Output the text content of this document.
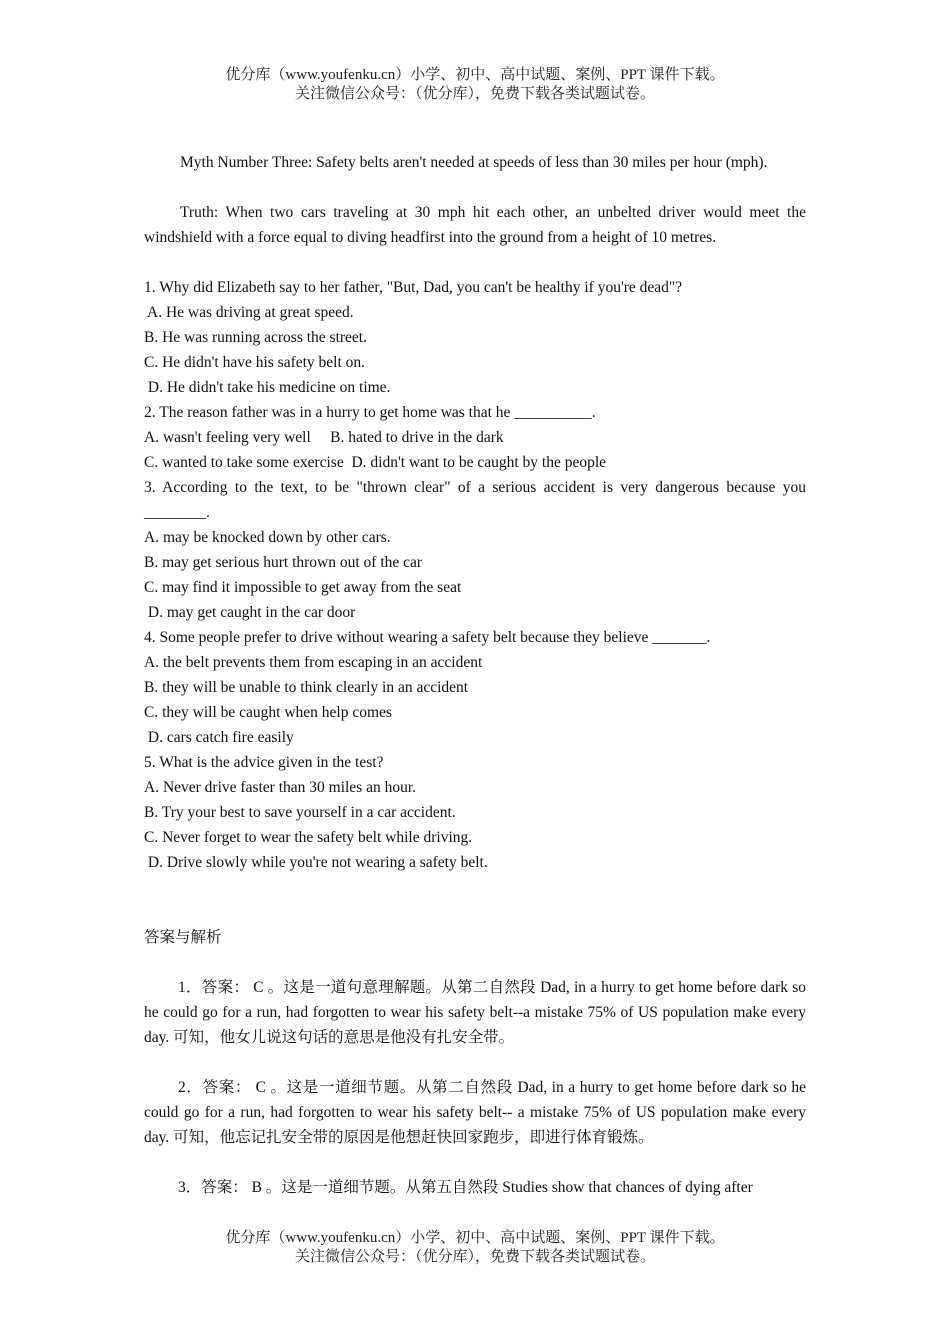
优分库（www.youfenku.cn）小学、初中、高中试题、案例、PPT 课件下载。
关注微信公众号：（优分库），免费下载各类试题试卷。

Myth Number Three: Safety belts aren't needed at speeds of less than 30 miles per hour (mph).

Truth: When two cars traveling at 30 mph hit each other, an unbelted driver would meet the windshield with a force equal to diving headfirst into the ground from a height of 10 metres.

1. Why did Elizabeth say to her father, "But, Dad, you can't be healthy if you're dead"?

A. He was driving at great speed.

B. He was running across the street.

C. He didn't have his safety belt on.

D. He didn't take his medicine on time.

2. The reason father was in a hurry to get home was that he __________.

A. wasn't feeling very well     B. hated to drive in the dark

C. wanted to take some exercise  D. didn't want to be caught by the people

3. According to the text, to be "thrown clear" of a serious accident is very dangerous because you ________.

A. may be knocked down by other cars.

B. may get serious hurt thrown out of the car

C. may find it impossible to get away from the seat

D. may get caught in the car door

4. Some people prefer to drive without wearing a safety belt because they believe _______.

A. the belt prevents them from escaping in an accident

B. they will be unable to think clearly in an accident

C. they will be caught when help comes

D. cars catch fire easily

5. What is the advice given in the test?

A. Never drive faster than 30 miles an hour.

B. Try your best to save yourself in a car accident.

C. Never forget to wear the safety belt while driving.

D. Drive slowly while you're not wearing a safety belt.

答案与解析

1．答案： C 。这是一道句意理解题。从第二自然段 Dad, in a hurry to get home before dark so he could go for a run, had forgotten to wear his safety belt--a mistake 75% of US population make every day. 可知，他女儿说这句话的意思是他没有扎安全带。

2．答案： C 。这是一道细节题。从第二自然段 Dad, in a hurry to get home before dark so he could go for a run, had forgotten to wear his safety belt-- a mistake 75% of US population make every day. 可知，他忘记扎安全带的原因是他想赶快回家跑步，即进行体育锻炼。

3．答案： B 。这是一道细节题。从第五自然段 Studies show that chances of dying after

优分库（www.youfenku.cn）小学、初中、高中试题、案例、PPT 课件下载。
关注微信公众号：（优分库），免费下载各类试题试卷。
